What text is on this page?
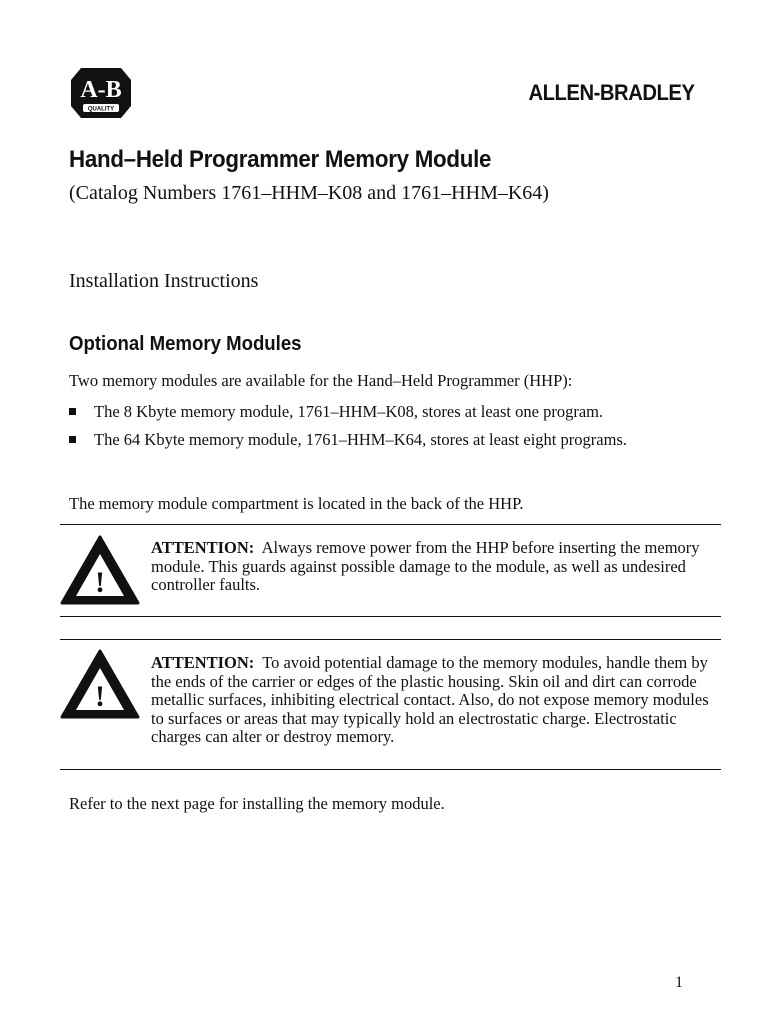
A-B
QUALITY
ALLEN-BRADLEY
Hand–Held Programmer Memory Module
(Catalog Numbers 1761–HHM–K08 and 1761–HHM–K64)
Installation Instructions
Optional Memory Modules
Two memory modules are available for the Hand–Held Programmer (HHP):
The 8 Kbyte memory module, 1761–HHM–K08, stores at least one program.
The 64 Kbyte memory module, 1761–HHM–K64, stores at least eight programs.
The memory module compartment is located in the back of the HHP.
!
ATTENTION: Always remove power from the HHP before inserting the memory module. This guards against possible damage to the module, as well as undesired controller faults.
!
ATTENTION: To avoid potential damage to the memory modules, handle them by the ends of the carrier or edges of the plastic housing. Skin oil and dirt can corrode metallic surfaces, inhibiting electrical contact. Also, do not expose memory modules to surfaces or areas that may typically hold an electrostatic charge. Electrostatic charges can alter or destroy memory.
Refer to the next page for installing the memory module.
1
